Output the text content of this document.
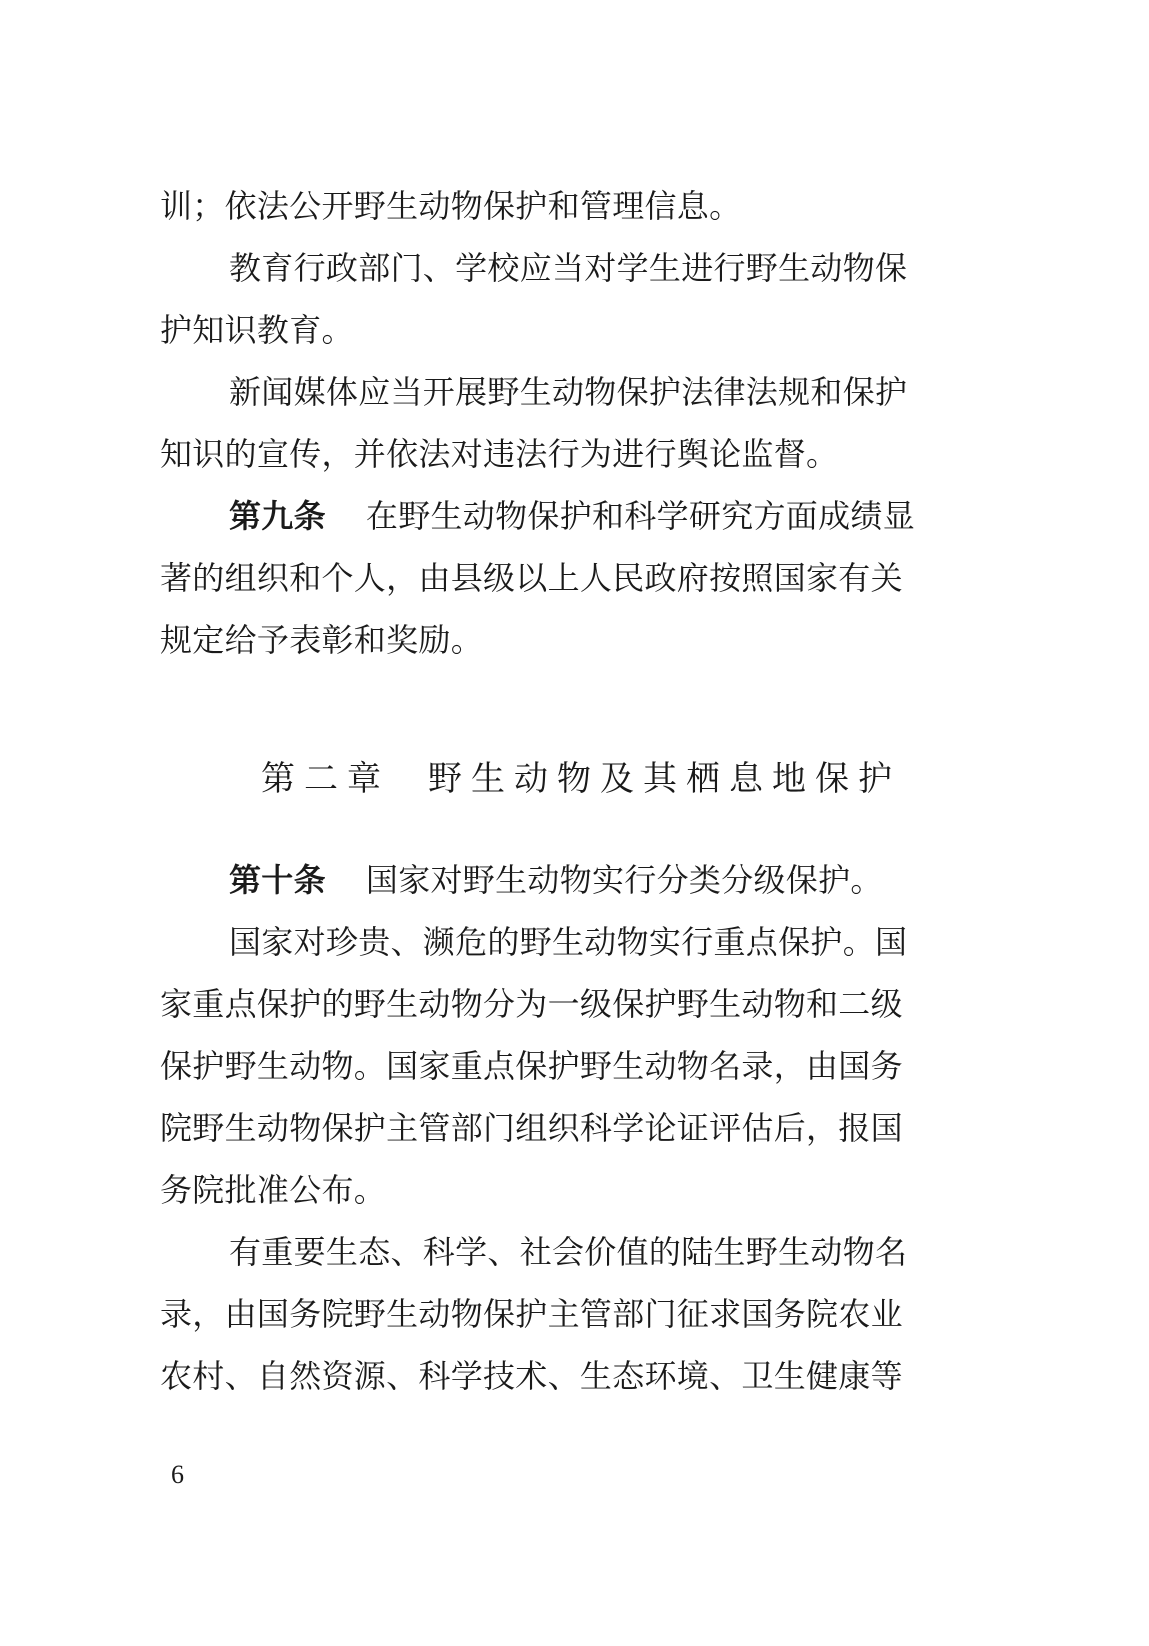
训；依法公开野生动物保护和管理信息。
教育行政部门、学校应当对学生进行野生动物保
护知识教育。
新闻媒体应当开展野生动物保护法律法规和保护
知识的宣传，并依法对违法行为进行舆论监督。
第九条 在野生动物保护和科学研究方面成绩显
著的组织和个人，由县级以上人民政府按照国家有关
规定给予表彰和奖励。
第二章 野生动物及其栖息地保护
第十条 国家对野生动物实行分类分级保护。
国家对珍贵、濒危的野生动物实行重点保护。国
家重点保护的野生动物分为一级保护野生动物和二级
保护野生动物。国家重点保护野生动物名录，由国务
院野生动物保护主管部门组织科学论证评估后，报国
务院批准公布。
有重要生态、科学、社会价值的陆生野生动物名
录，由国务院野生动物保护主管部门征求国务院农业
农村、自然资源、科学技术、生态环境、卫生健康等
6
